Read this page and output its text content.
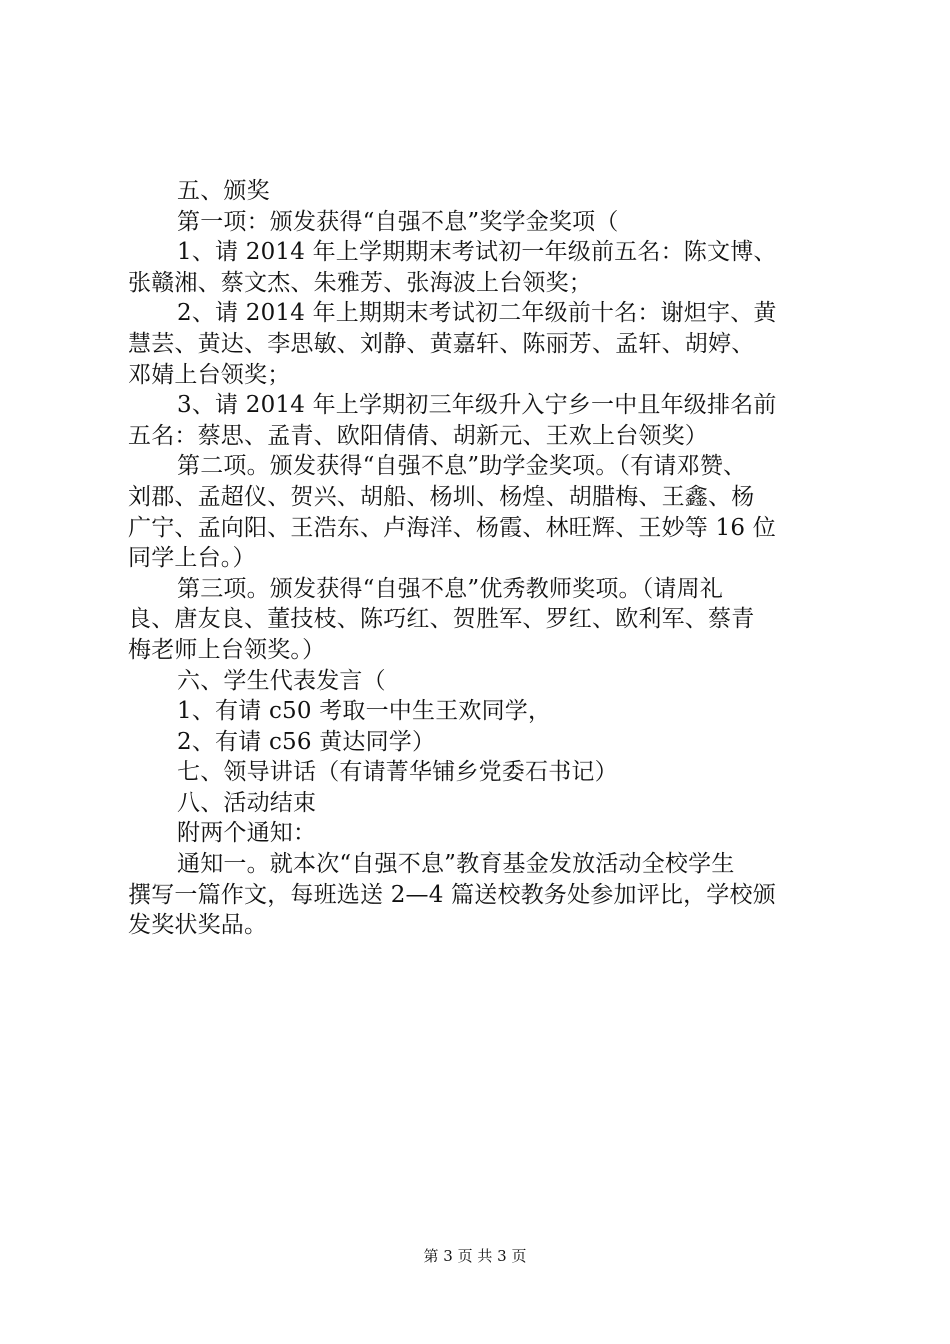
五、颁奖
第一项：颁发获得“自强不息”奖学金奖项（
1、请 2014 年上学期期末考试初一年级前五名：陈文博、
张赣湘、蔡文杰、朱雅芳、张海波上台领奖；
2、请 2014 年上期期末考试初二年级前十名：谢炟宇、黄
慧芸、黄达、李思敏、刘静、黄嘉轩、陈丽芳、孟轩、胡婷、
邓婧上台领奖；
3、请 2014 年上学期初三年级升入宁乡一中且年级排名前
五名：蔡思、孟青、欧阳倩倩、胡新元、王欢上台领奖）
第二项。颁发获得“自强不息”助学金奖项。（有请邓赞、
刘郡、孟超仪、贺兴、胡船、杨圳、杨煌、胡腊梅、王鑫、杨
广宁、孟向阳、王浩东、卢海洋、杨霞、林旺辉、王妙等 16 位
同学上台。）
第三项。颁发获得“自强不息”优秀教师奖项。（请周礼
良、唐友良、董技枝、陈巧红、贺胜军、罗红、欧利军、蔡青
梅老师上台领奖。）
六、学生代表发言（
1、有请 c50 考取一中生王欢同学，
2、有请 c56 黄达同学）
七、领导讲话（有请菁华铺乡党委石书记）
八、活动结束
附两个通知：
通知一。就本次“自强不息”教育基金发放活动全校学生
撰写一篇作文，每班选送 2—4 篇送校教务处参加评比，学校颁
发奖状奖品。
第 3 页 共 3 页
